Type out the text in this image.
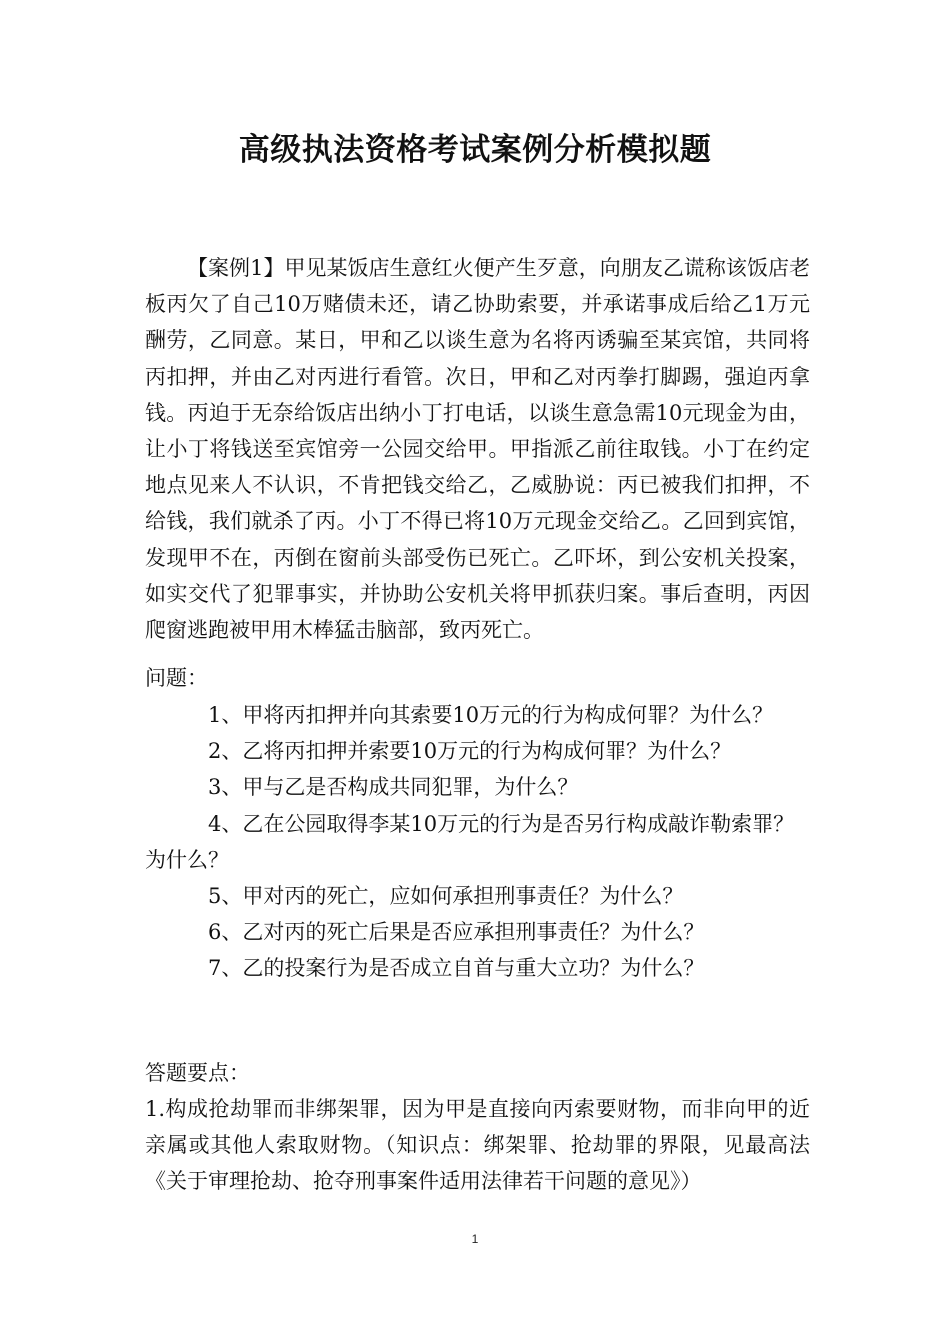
高级执法资格考试案例分析模拟题

【案例1】甲见某饭店生意红火便产生歹意，向朋友乙谎称该饭店老板丙欠了自己10万赌债未还，请乙协助索要，并承诺事成后给乙1万元酬劳，乙同意。某日，甲和乙以谈生意为名将丙诱骗至某宾馆，共同将丙扣押，并由乙对丙进行看管。次日，甲和乙对丙拳打脚踢，强迫丙拿钱。丙迫于无奈给饭店出纳小丁打电话，以谈生意急需10元现金为由，让小丁将钱送至宾馆旁一公园交给甲。甲指派乙前往取钱。小丁在约定地点见来人不认识，不肯把钱交给乙，乙威胁说：丙已被我们扣押，不给钱，我们就杀了丙。小丁不得已将10万元现金交给乙。乙回到宾馆，发现甲不在，丙倒在窗前头部受伤已死亡。乙吓坏，到公安机关投案，如实交代了犯罪事实，并协助公安机关将甲抓获归案。事后查明，丙因爬窗逃跑被甲用木棒猛击脑部，致丙死亡。

问题：
1、甲将丙扣押并向其索要10万元的行为构成何罪？为什么？
2、乙将丙扣押并索要10万元的行为构成何罪？为什么？
3、甲与乙是否构成共同犯罪，为什么？
4、乙在公园取得李某10万元的行为是否另行构成敲诈勒索罪？为什么？
5、甲对丙的死亡，应如何承担刑事责任？为什么？
6、乙对丙的死亡后果是否应承担刑事责任？为什么？
7、乙的投案行为是否成立自首与重大立功？为什么？
答题要点：

1.构成抢劫罪而非绑架罪，因为甲是直接向丙索要财物，而非向甲的近亲属或其他人索取财物。（知识点：绑架罪、抢劫罪的界限，见最高法《关于审理抢劫、抢夺刑事案件适用法律若干问题的意见》）

1
